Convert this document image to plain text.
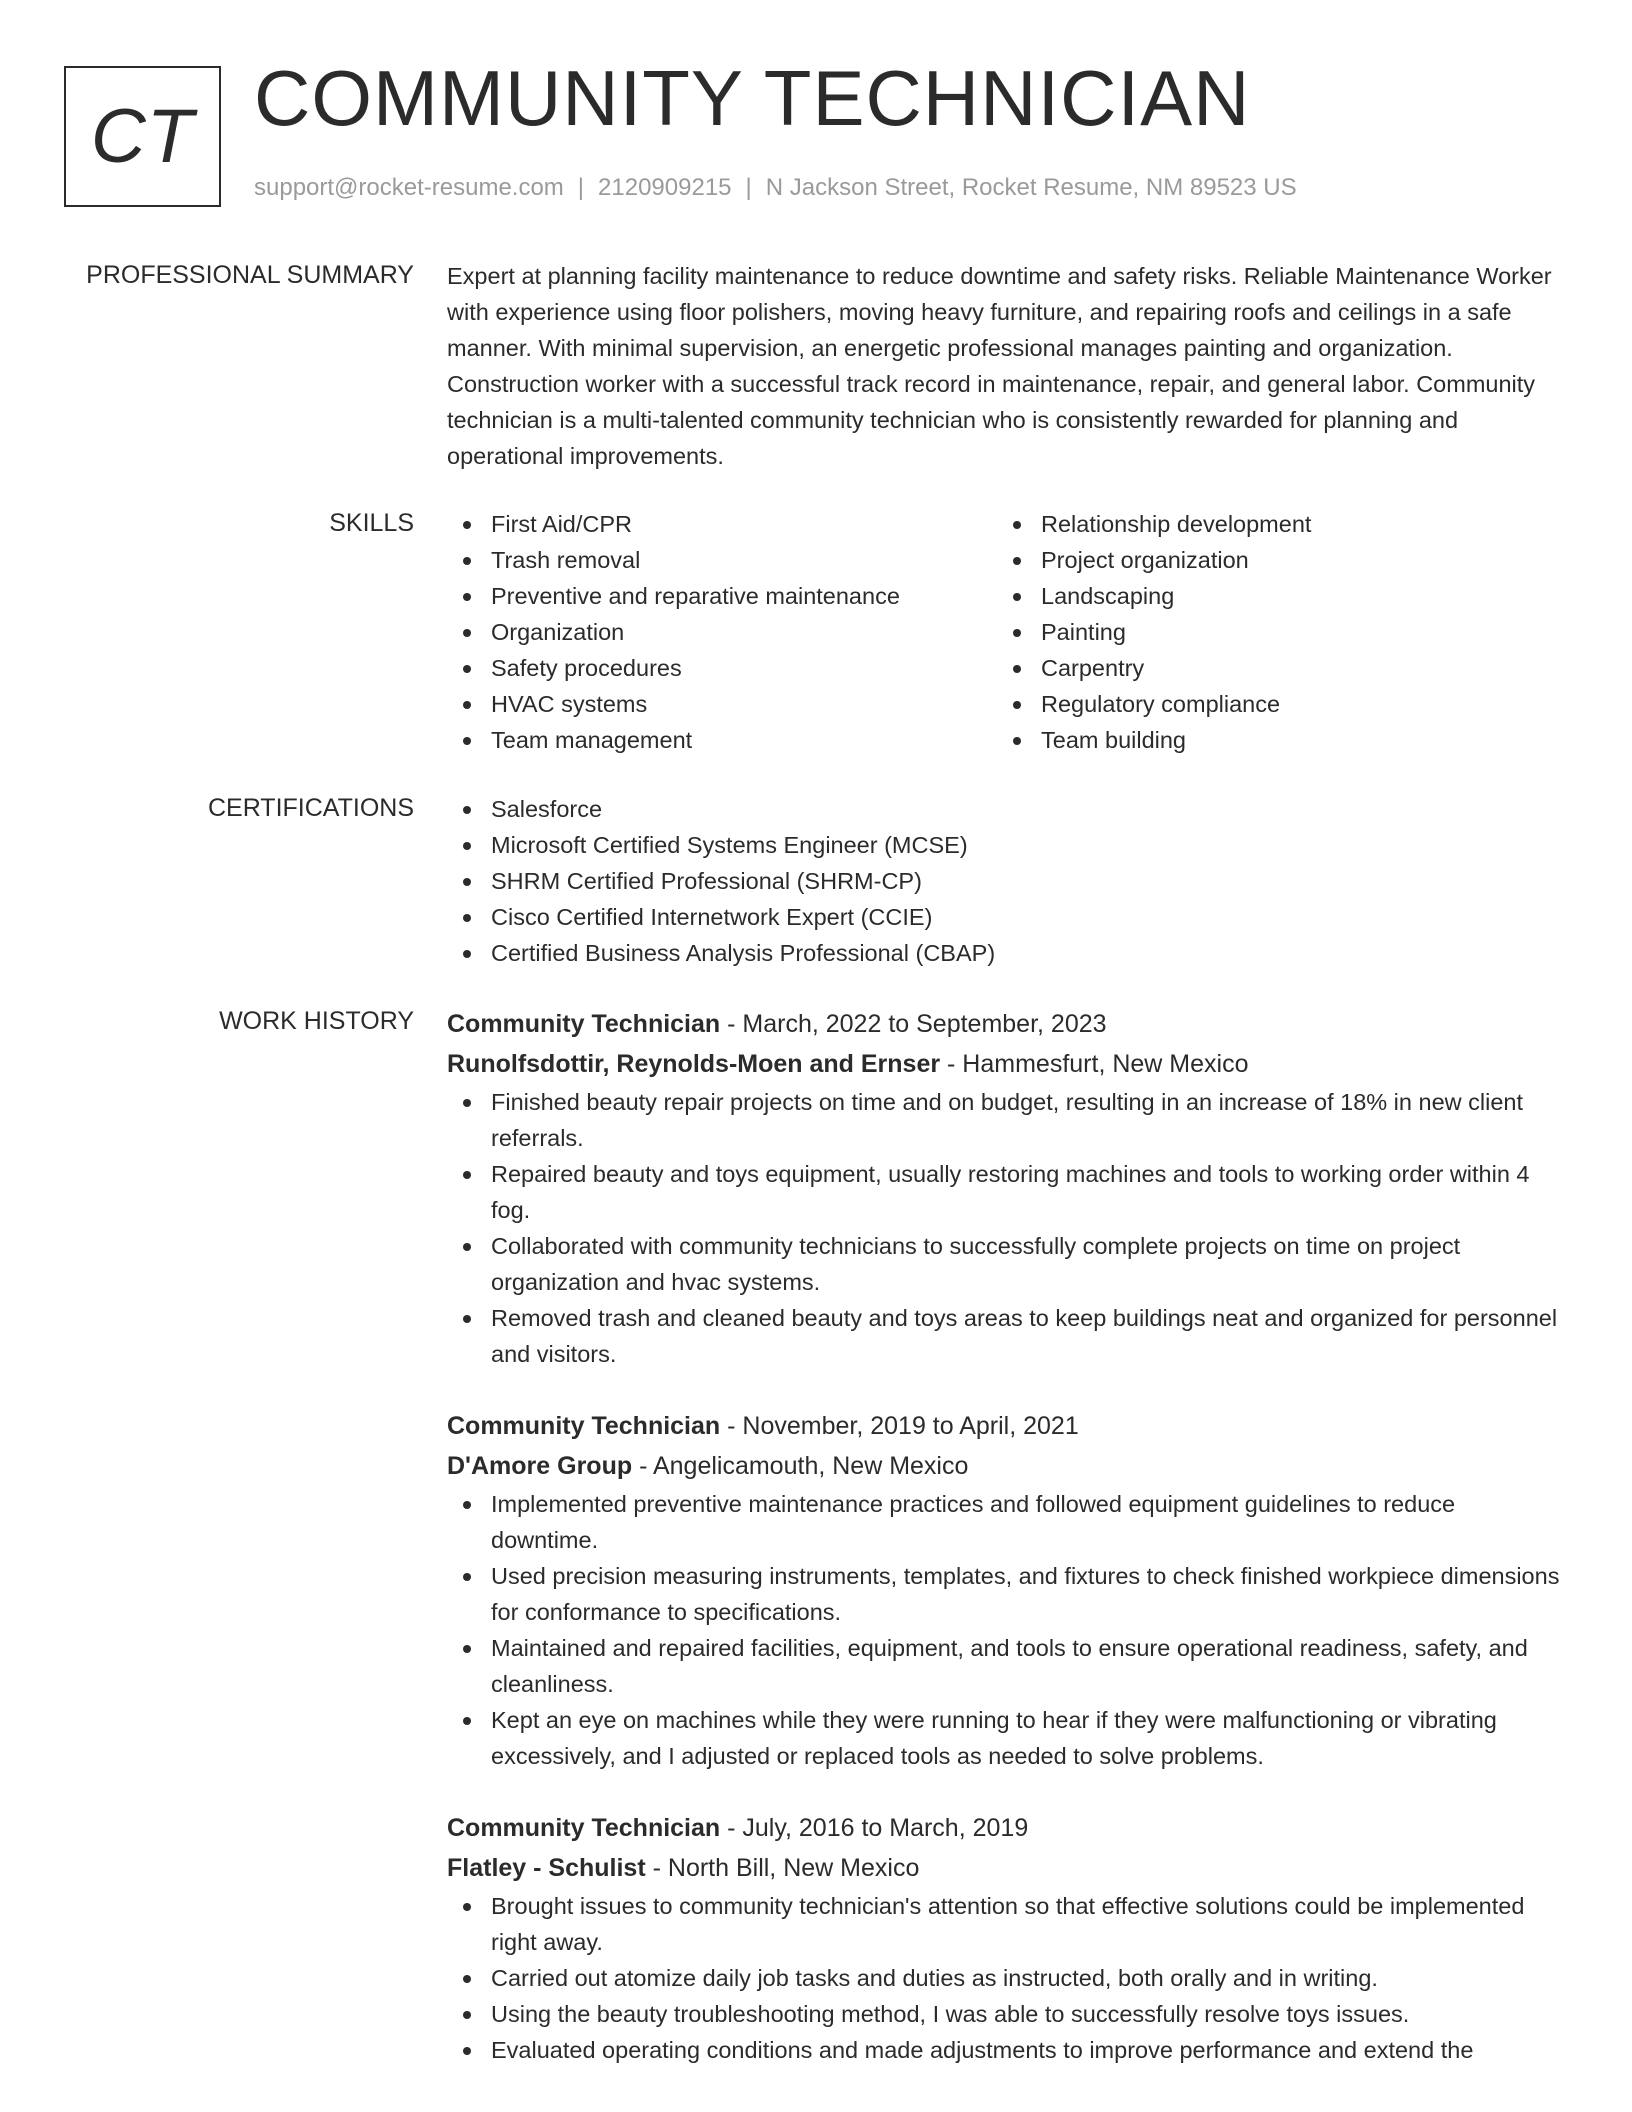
CT COMMUNITY TECHNICIAN
support@rocket-resume.com | 2120909215 | N Jackson Street, Rocket Resume, NM 89523 US
PROFESSIONAL SUMMARY Expert at planning facility maintenance to reduce downtime and safety risks. Reliable Maintenance Worker with experience using floor polishers, moving heavy furniture, and repairing roofs and ceilings in a safe manner. With minimal supervision, an energetic professional manages painting and organization. Construction worker with a successful track record in maintenance, repair, and general labor. Community technician is a multi-talented community technician who is consistently rewarded for planning and operational improvements.

SKILLS	First Aid/CPR
Trash removal
Preventive and reparative maintenance
Organization
Safety procedures
HVAC systems
Team management
Relationship development
Project organization
Landscaping
Painting
Carpentry
Regulatory compliance
Team building
CERTIFICATIONS	Salesforce
Microsoft Certified Systems Engineer (MCSE)
SHRM Certified Professional (SHRM-CP)
Cisco Certified Internetwork Expert (CCIE)
Certified Business Analysis Professional (CBAP)
WORK HISTORY Community Technician - March, 2022 to September, 2023
Runolfsdottir, Reynolds-Moen and Ernser - Hammesfurt, New Mexico
Finished beauty repair projects on time and on budget, resulting in an increase of 18% in new client referrals.
Repaired beauty and toys equipment, usually restoring machines and tools to working order within 4 fog.
Collaborated with community technicians to successfully complete projects on time on project organization and hvac systems.
Removed trash and cleaned beauty and toys areas to keep buildings neat and organized for personnel and visitors.
Community Technician - November, 2019 to April, 2021
D'Amore Group - Angelicamouth, New Mexico
Implemented preventive maintenance practices and followed equipment guidelines to reduce downtime.
Used precision measuring instruments, templates, and fixtures to check finished workpiece dimensions for conformance to specifications.
Maintained and repaired facilities, equipment, and tools to ensure operational readiness, safety, and cleanliness.
Kept an eye on machines while they were running to hear if they were malfunctioning or vibrating excessively, and I adjusted or replaced tools as needed to solve problems.
Community Technician - July, 2016 to March, 2019
Flatley - Schulist - North Bill, New Mexico
Brought issues to community technician's attention so that effective solutions could be implemented right away.
Carried out atomize daily job tasks and duties as instructed, both orally and in writing.
Using the beauty troubleshooting method, I was able to successfully resolve toys issues.
Evaluated operating conditions and made adjustments to improve performance and extend the
